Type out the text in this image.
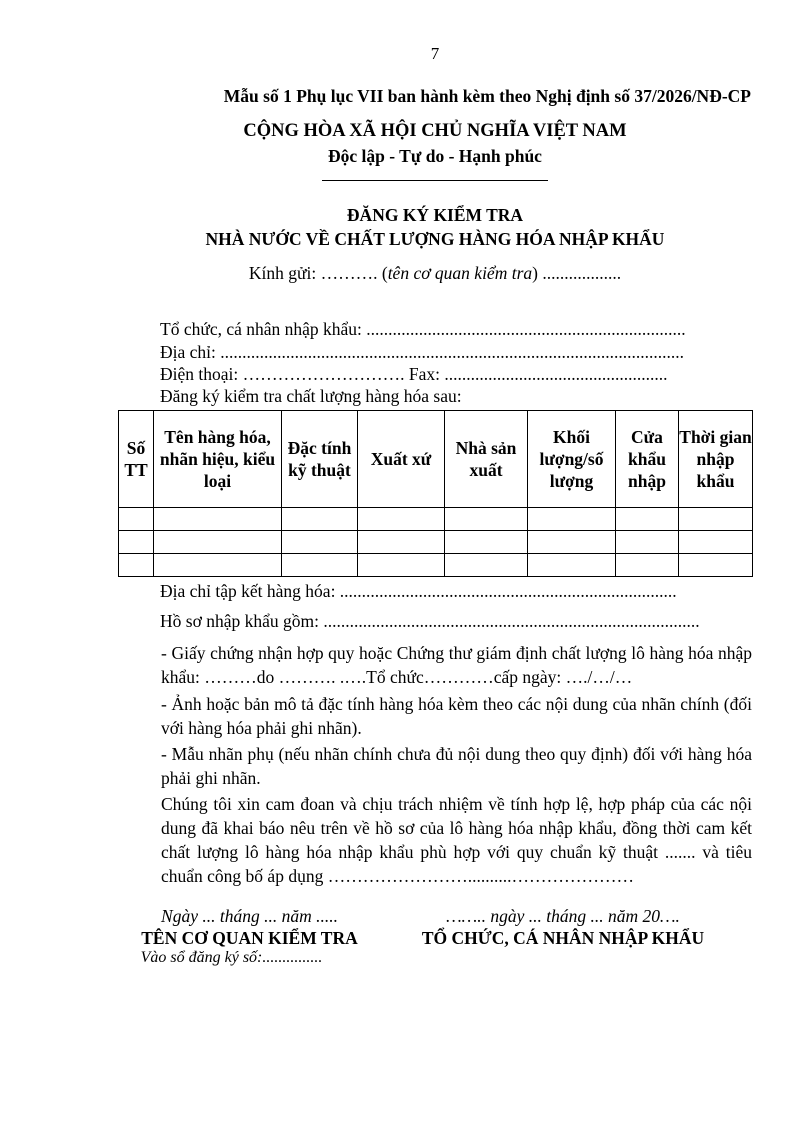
7
Mẫu số 1 Phụ lục VII ban hành kèm theo Nghị định số 37/2026/NĐ-CP
CỘNG HÒA XÃ HỘI CHỦ NGHĨA VIỆT NAM
Độc lập - Tự do - Hạnh phúc
ĐĂNG KÝ KIỂM TRA
NHÀ NƯỚC VỀ CHẤT LƯỢNG HÀNG HÓA NHẬP KHẨU
Kính gửi: ………. (tên cơ quan kiểm tra) ..................
Tổ chức, cá nhân nhập khẩu: .........................................................................
Địa chỉ: ..........................................................................................................
Điện thoại: ………………………. Fax: ...................................................
Đăng ký kiểm tra chất lượng hàng hóa sau:
Số TT	Tên hàng hóa, nhãn hiệu, kiểu loại	Đặc tính kỹ thuật	Xuất xứ	Nhà sản xuất	Khối lượng/số lượng	Cửa khẩu nhập	Thời gian nhập khẩu

Địa chỉ tập kết hàng hóa: .............................................................................
Hồ sơ nhập khẩu gồm: ......................................................................................
- Giấy chứng nhận hợp quy hoặc Chứng thư giám định chất lượng lô hàng hóa nhập khẩu: ………do ………. .….Tổ chức…………cấp ngày: …./…/…
- Ảnh hoặc bản mô tả đặc tính hàng hóa kèm theo các nội dung của nhãn chính (đối với hàng hóa phải ghi nhãn).
- Mẫu nhãn phụ (nếu nhãn chính chưa đủ nội dung theo quy định) đối với hàng hóa phải ghi nhãn.
Chúng tôi xin cam đoan và chịu trách nhiệm về tính hợp lệ, hợp pháp của các nội dung đã khai báo nêu trên về hồ sơ của lô hàng hóa nhập khẩu, đồng thời cam kết chất lượng lô hàng hóa nhập khẩu phù hợp với quy chuẩn kỹ thuật ....... và tiêu chuẩn công bố áp dụng ……………………..........…………………
Ngày ... tháng ... năm .....
TÊN CƠ QUAN KIỂM TRA
Vào sổ đăng ký số:...............
…….. ngày ... tháng ... năm 20….
TỔ CHỨC, CÁ NHÂN NHẬP KHẨU
